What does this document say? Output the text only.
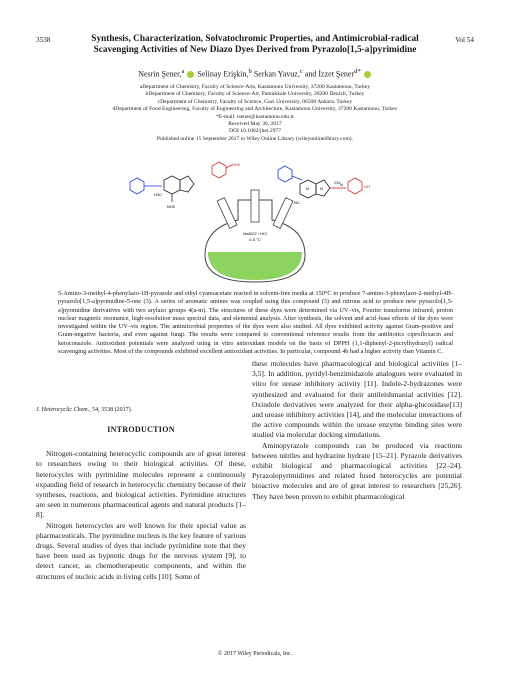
3538	Vol 54
Synthesis, Characterization, Solvatochromic Properties, and Antimicrobial-radical Scavenging Activities of New Diazo Dyes Derived from Pyrazolo[1,5-a]pyrimidine
Nesrin Şener,$^a$ Selinay Erişkin,$^b$ Serkan Yavuz,$^c$ and İzzet Şener$^{d*}$
aDepartment of Chemistry, Faculty of Science-Arts, Kastamonu University, 37200 Kastamonu, Turkey
bDepartment of Chemistry, Faculty of Science-Art, Pamukkale University, 20200 Denizli, Turkey
cDepartment of Chemistry, Faculty of Science, Gazi University, 06500 Ankara, Turkey
dDepartment of Food Engineering, Faculty of Engineering and Architecture, Kastamonu University, 37200 Kastamonu, Turkey
*E-mail: isener@kastamonu.edu.tr
Received May 30, 2017
DOI 10.1002/jhet.2977
Published online 15 September 2017 in Wiley Online Library (wileyonlinelibrary.com).
NaNO2 / HCl
0-5 °C
NH2
H3C
NH2
CN
OH
NC
N	N
N
5-Amino-3-methyl-4-phenylazo-1H-pyrazole and ethyl cyanoacetate reacted in solvent-free media at 150°C to produce 7-amino-3-phenylazo-2-methyl-4H-pyrazolo[1,5-a]pyrimidine-5-one (3). A series of aromatic amines was coupled using this compound (3) and nitrous acid to produce new pyrazolo[1,5-a]pyrimidine derivatives with two arylazo groups 4(a-m). The structures of these dyes were determined via UV–vis, Fourier transforms infrared, proton nuclear magnetic resonance, high-resolution mass spectral data, and elemental analysis. After synthesis, the solvent and acid–base effects of the dyes were investigated within the UV–vis region. The antimicrobial properties of the dyes were also studied. All dyes exhibited activity against Gram-positive and Gram-negative bacteria, and even against fungi. The results were compared to conventional reference results from the antibiotics ciprofloxacin and ketoconazole. Antioxidant potentials were analyzed using in vitro antioxidant models on the basis of DPPH (1,1-diphenyl-2-picrylhydrazyl) radical scavenging activities. Most of the compounds exhibited excellent antioxidant activities. In particular, compound 4b had a higher activity than Vitamin C.
J. Heterocyclic Chem., 54, 3538 (2017).
INTRODUCTION

Nitrogen-containing heterocyclic compounds are of great interest to researchers owing to their biological activities. Of these, heterocycles with pyrimidine molecules represent a continuously expanding field of research in heterocyclic chemistry because of their syntheses, reactions, and biological activities. Pyrimidine structures are seen in numerous pharmaceutical agents and natural products [1–8].

Nitrogen heterocycles are well known for their special value as pharmaceuticals. The pyrimidine nucleus is the key feature of various drugs. Several studies of dyes that include pyrimidine note that they have been used as hypnotic drugs for the nervous system [9], to detect cancer, as chemotherapeutic components, and within the structures of nucleic acids in living cells [10]. Some of

these molecules have pharmacological and biological activities [1–3,5]. In addition, pyridyl-benzimidazole analogues were evaluated in vitro for urease inhibitory activity [11]. Indole-2-hydrazones were synthesized and evaluated for their antileishmanial activities [12]. Oxindole derivatives were analyzed for their alpha-glucosidase[13] and urease inhibitory activities [14], and the molecular interactions of the active compounds within the urease enzyme binding sites were studied via molecular docking simulations.

Aminopyrazole compounds can be produced via reactions between nitriles and hydrazine hydrate [15–21]. Pyrazole derivatives exhibit biological and pharmacological activities [22–24]. Pyrazolopyrimidines and related fused heterocycles are potential bioactive molecules and are of great interest to researchers [25,26]. They have been proven to exhibit pharmacological

© 2017 Wiley Periodicals, Inc.
